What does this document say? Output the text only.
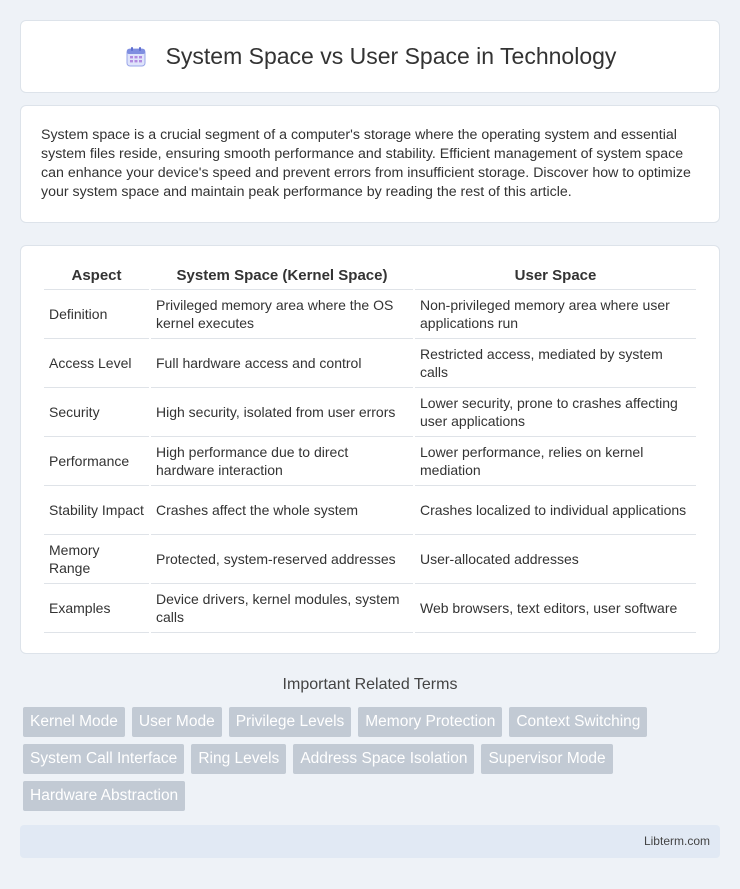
System Space vs User Space in Technology

System space is a crucial segment of a computer's storage where the operating system and essential system files reside, ensuring smooth performance and stability. Efficient management of system space can enhance your device's speed and prevent errors from insufficient storage. Discover how to optimize your system space and maintain peak performance by reading the rest of this article.

Aspect	System Space (Kernel Space)	User Space
Definition	Privileged memory area where the OS kernel executes	Non-privileged memory area where user applications run
Access Level	Full hardware access and control	Restricted access, mediated by system calls
Security	High security, isolated from user errors	Lower security, prone to crashes affecting user applications
Performance	High performance due to direct hardware interaction	Lower performance, relies on kernel mediation
Stability Impact	Crashes affect the whole system	Crashes localized to individual applications
Memory Range	Protected, system-reserved addresses	User-allocated addresses
Examples	Device drivers, kernel modules, system calls	Web browsers, text editors, user software
Important Related Terms
Kernel Mode	User Mode	Privilege Levels	Memory Protection	Context Switching
System Call Interface	Ring Levels	Address Space Isolation	Supervisor Mode
Hardware Abstraction
Libterm.com
